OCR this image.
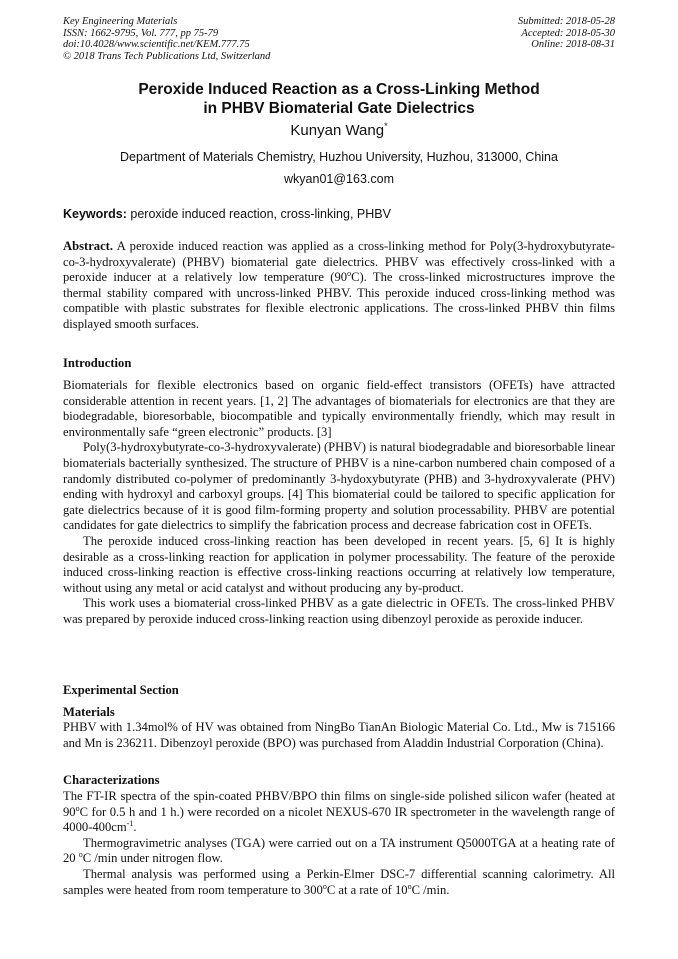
Key Engineering Materials
ISSN: 1662-9795, Vol. 777, pp 75-79
doi:10.4028/www.scientific.net/KEM.777.75
© 2018 Trans Tech Publications Ltd, Switzerland
Submitted: 2018-05-28
Accepted: 2018-05-30
Online: 2018-08-31
Peroxide Induced Reaction as a Cross-Linking Method
in PHBV Biomaterial Gate Dielectrics
Kunyan Wang*
Department of Materials Chemistry, Huzhou University, Huzhou, 313000, China
wkyan01@163.com
Keywords: peroxide induced reaction, cross-linking, PHBV

Abstract. A peroxide induced reaction was applied as a cross-linking method for Poly(3-hydroxybutyrate-co-3-hydroxyvalerate) (PHBV) biomaterial gate dielectrics. PHBV was effectively cross-linked with a peroxide inducer at a relatively low temperature (90$^o$C). The cross-linked microstructures improve the thermal stability compared with uncross-linked PHBV. This peroxide induced cross-linking method was compatible with plastic substrates for flexible electronic applications. The cross-linked PHBV thin films displayed smooth surfaces.

Introduction

Biomaterials for flexible electronics based on organic field-effect transistors (OFETs) have attracted considerable attention in recent years. [1, 2] The advantages of biomaterials for electronics are that they are biodegradable, bioresorbable, biocompatible and typically environmentally friendly, which may result in environmentally safe “green electronic” products. [3]

Poly(3-hydroxybutyrate-co-3-hydroxyvalerate) (PHBV) is natural biodegradable and bioresorbable linear biomaterials bacterially synthesized. The structure of PHBV is a nine-carbon numbered chain composed of a randomly distributed co-polymer of predominantly 3-hydoxybutyrate (PHB) and 3-hydroxyvalerate (PHV) ending with hydroxyl and carboxyl groups. [4] This biomaterial could be tailored to specific application for gate dielectrics because of it is good film-forming property and solution processability. PHBV are potential candidates for gate dielectrics to simplify the fabrication process and decrease fabrication cost in OFETs.

The peroxide induced cross-linking reaction has been developed in recent years. [5, 6] It is highly desirable as a cross-linking reaction for application in polymer processability. The feature of the peroxide induced cross-linking reaction is effective cross-linking reactions occurring at relatively low temperature, without using any metal or acid catalyst and without producing any by-product.

This work uses a biomaterial cross-linked PHBV as a gate dielectric in OFETs. The cross-linked PHBV was prepared by peroxide induced cross-linking reaction using dibenzoyl peroxide as peroxide inducer.

Experimental Section
Materials

PHBV with 1.34mol% of HV was obtained from NingBo TianAn Biologic Material Co. Ltd., Mw is 715166 and Mn is 236211. Dibenzoyl peroxide (BPO) was purchased from Aladdin Industrial Corporation (China).

Characterizations

The FT-IR spectra of the spin-coated PHBV/BPO thin films on single-side polished silicon wafer (heated at 90$^o$C for 0.5 h and 1 h.) were recorded on a nicolet NEXUS-670 IR spectrometer in the wavelength range of $4000-400cm^{-1}$.

Thermogravimetric analyses (TGA) were carried out on a TA instrument Q5000TGA at a heating rate of 20 $^o$C /min under nitrogen flow.

Thermal analysis was performed using a Perkin-Elmer DSC-7 differential scanning calorimetry. All samples were heated from room temperature to 300$^o$C at a rate of 10$^o$C /min.
